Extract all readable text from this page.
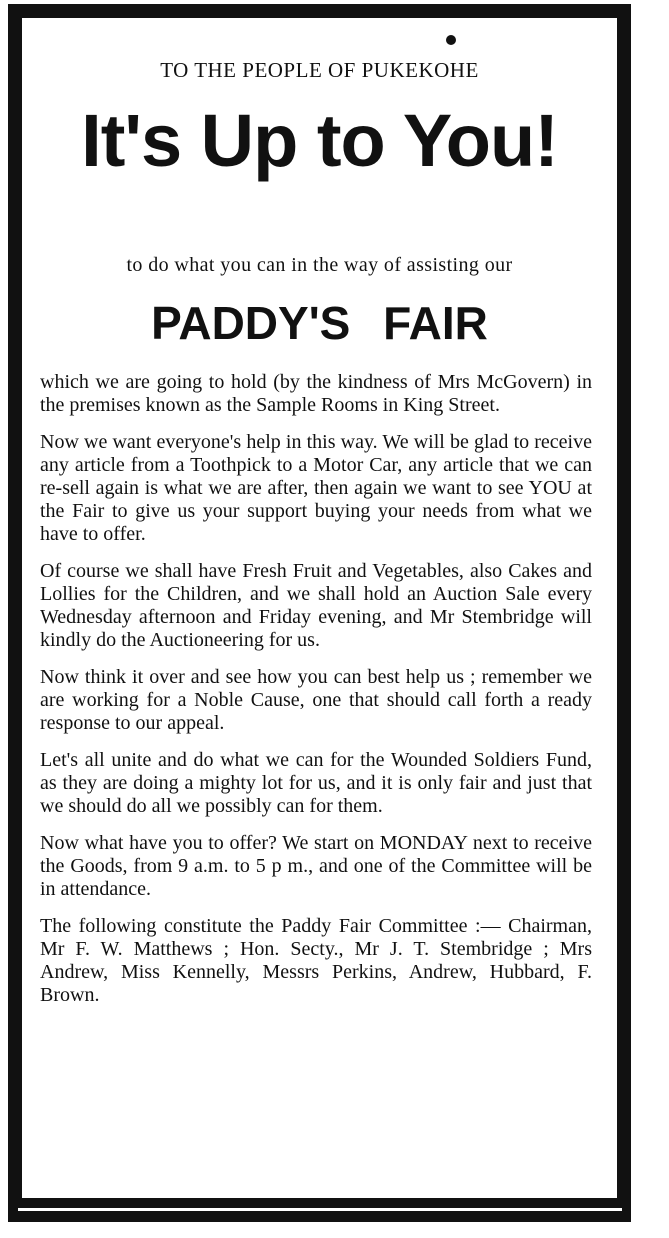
TO THE PEOPLE OF PUKEKOHE
It's Up to You!
to do what you can in the way of assisting our
PADDY'S FAIR

which we are going to hold (by the kindness of Mrs McGovern) in the premises known as the Sample Rooms in King Street.

Now we want everyone's help in this way. We will be glad to receive any article from a Toothpick to a Motor Car, any article that we can re-sell again is what we are after, then again we want to see YOU at the Fair to give us your support buying your needs from what we have to offer.

Of course we shall have Fresh Fruit and Vegetables, also Cakes and Lollies for the Children, and we shall hold an Auction Sale every Wednesday afternoon and Friday evening, and Mr Stembridge will kindly do the Auctioneering for us.

Now think it over and see how you can best help us ; remember we are working for a Noble Cause, one that should call forth a ready response to our appeal.

Let's all unite and do what we can for the Wounded Soldiers Fund, as they are doing a mighty lot for us, and it is only fair and just that we should do all we possibly can for them.

Now what have you to offer? We start on MONDAY next to receive the Goods, from 9 a.m. to 5 p m., and one of the Committee will be in attendance.

The following constitute the Paddy Fair Committee :— Chairman, Mr F. W. Matthews ; Hon. Secty., Mr J. T. Stembridge ; Mrs Andrew, Miss Kennelly, Messrs Perkins, Andrew, Hubbard, F. Brown.
